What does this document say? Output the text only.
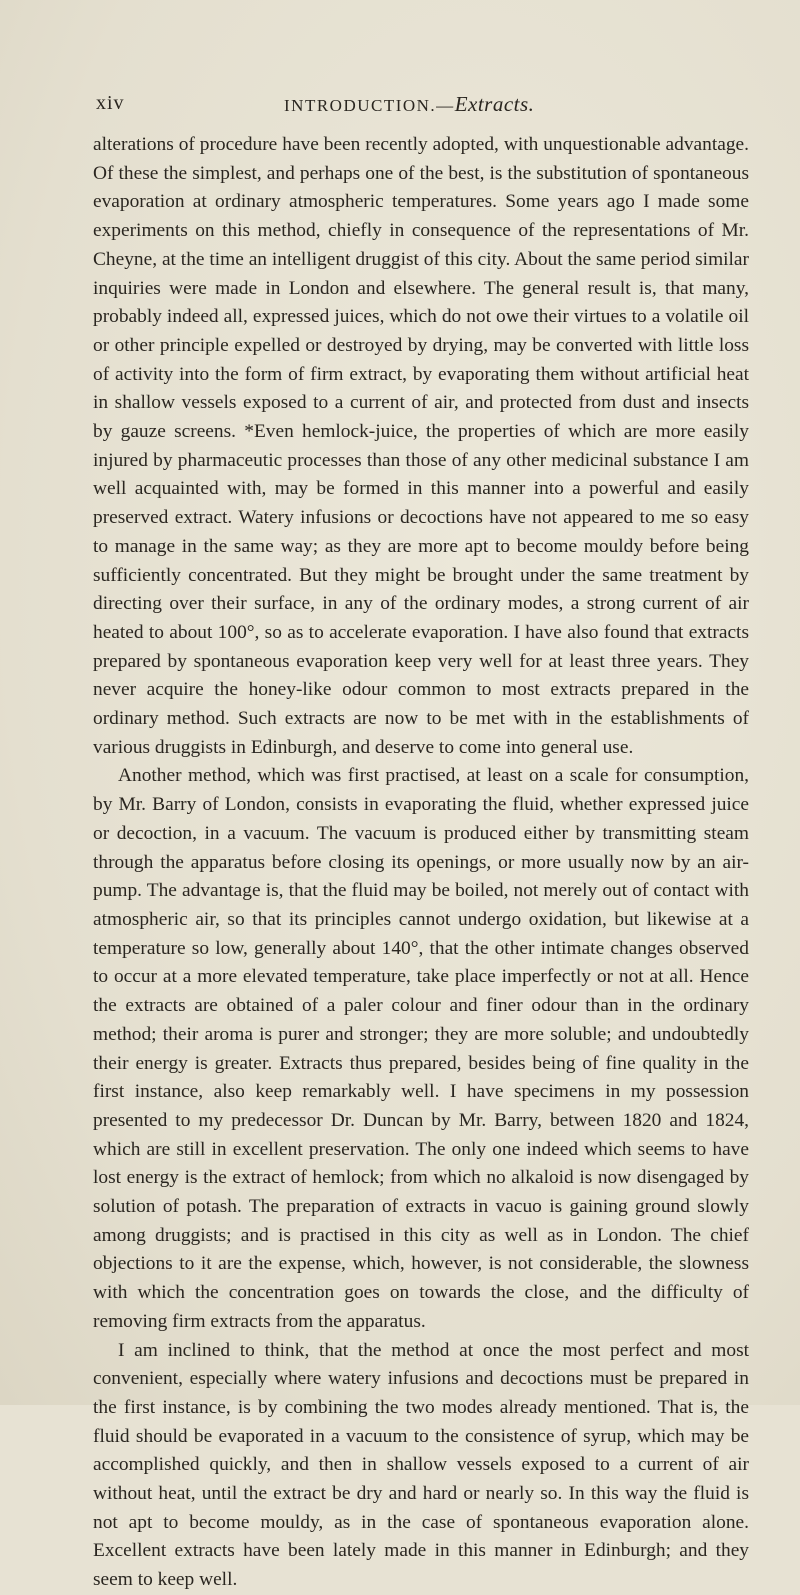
xiv	INTRODUCTION.—Extracts.

alterations of procedure have been recently adopted, with unquestionable advantage. Of these the simplest, and perhaps one of the best, is the substitution of spontaneous evaporation at ordinary atmospheric temperatures. Some years ago I made some experiments on this method, chiefly in consequence of the representations of Mr. Cheyne, at the time an intelligent druggist of this city. About the same period similar inquiries were made in London and elsewhere. The general result is, that many, probably indeed all, expressed juices, which do not owe their virtues to a volatile oil or other principle expelled or destroyed by drying, may be converted with little loss of activity into the form of firm extract, by evaporating them without artificial heat in shallow vessels exposed to a current of air, and protected from dust and insects by gauze screens. *Even hemlock-juice, the properties of which are more easily injured by pharmaceutic processes than those of any other medicinal substance I am well acquainted with, may be formed in this manner into a powerful and easily preserved extract. Watery infusions or decoctions have not appeared to me so easy to manage in the same way; as they are more apt to become mouldy before being sufficiently concentrated. But they might be brought under the same treatment by directing over their surface, in any of the ordinary modes, a strong current of air heated to about 100°, so as to accelerate evaporation. I have also found that extracts prepared by spontaneous evaporation keep very well for at least three years. They never acquire the honey-like odour common to most extracts prepared in the ordinary method. Such extracts are now to be met with in the establishments of various druggists in Edinburgh, and deserve to come into general use.

Another method, which was first practised, at least on a scale for consumption, by Mr. Barry of London, consists in evaporating the fluid, whether expressed juice or decoction, in a vacuum. The vacuum is produced either by transmitting steam through the apparatus before closing its openings, or more usually now by an air-pump. The advantage is, that the fluid may be boiled, not merely out of contact with atmospheric air, so that its principles cannot undergo oxidation, but likewise at a temperature so low, generally about 140°, that the other intimate changes observed to occur at a more elevated temperature, take place imperfectly or not at all. Hence the extracts are obtained of a paler colour and finer odour than in the ordinary method; their aroma is purer and stronger; they are more soluble; and undoubtedly their energy is greater. Extracts thus prepared, besides being of fine quality in the first instance, also keep remarkably well. I have specimens in my possession presented to my predecessor Dr. Duncan by Mr. Barry, between 1820 and 1824, which are still in excellent preservation. The only one indeed which seems to have lost energy is the extract of hemlock; from which no alkaloid is now disengaged by solution of potash. The preparation of extracts in vacuo is gaining ground slowly among druggists; and is practised in this city as well as in London. The chief objections to it are the expense, which, however, is not considerable, the slowness with which the concentration goes on towards the close, and the difficulty of removing firm extracts from the apparatus.

I am inclined to think, that the method at once the most perfect and most convenient, especially where watery infusions and decoctions must be prepared in the first instance, is by combining the two modes already mentioned. That is, the fluid should be evaporated in a vacuum to the consistence of syrup, which may be accomplished quickly, and then in shallow vessels exposed to a current of air without heat, until the extract be dry and hard or nearly so. In this way the fluid is not apt to become mouldy, as in the case of spontaneous evaporation alone. Excellent extracts have been lately made in this manner in Edinburgh; and they seem to keep well.
